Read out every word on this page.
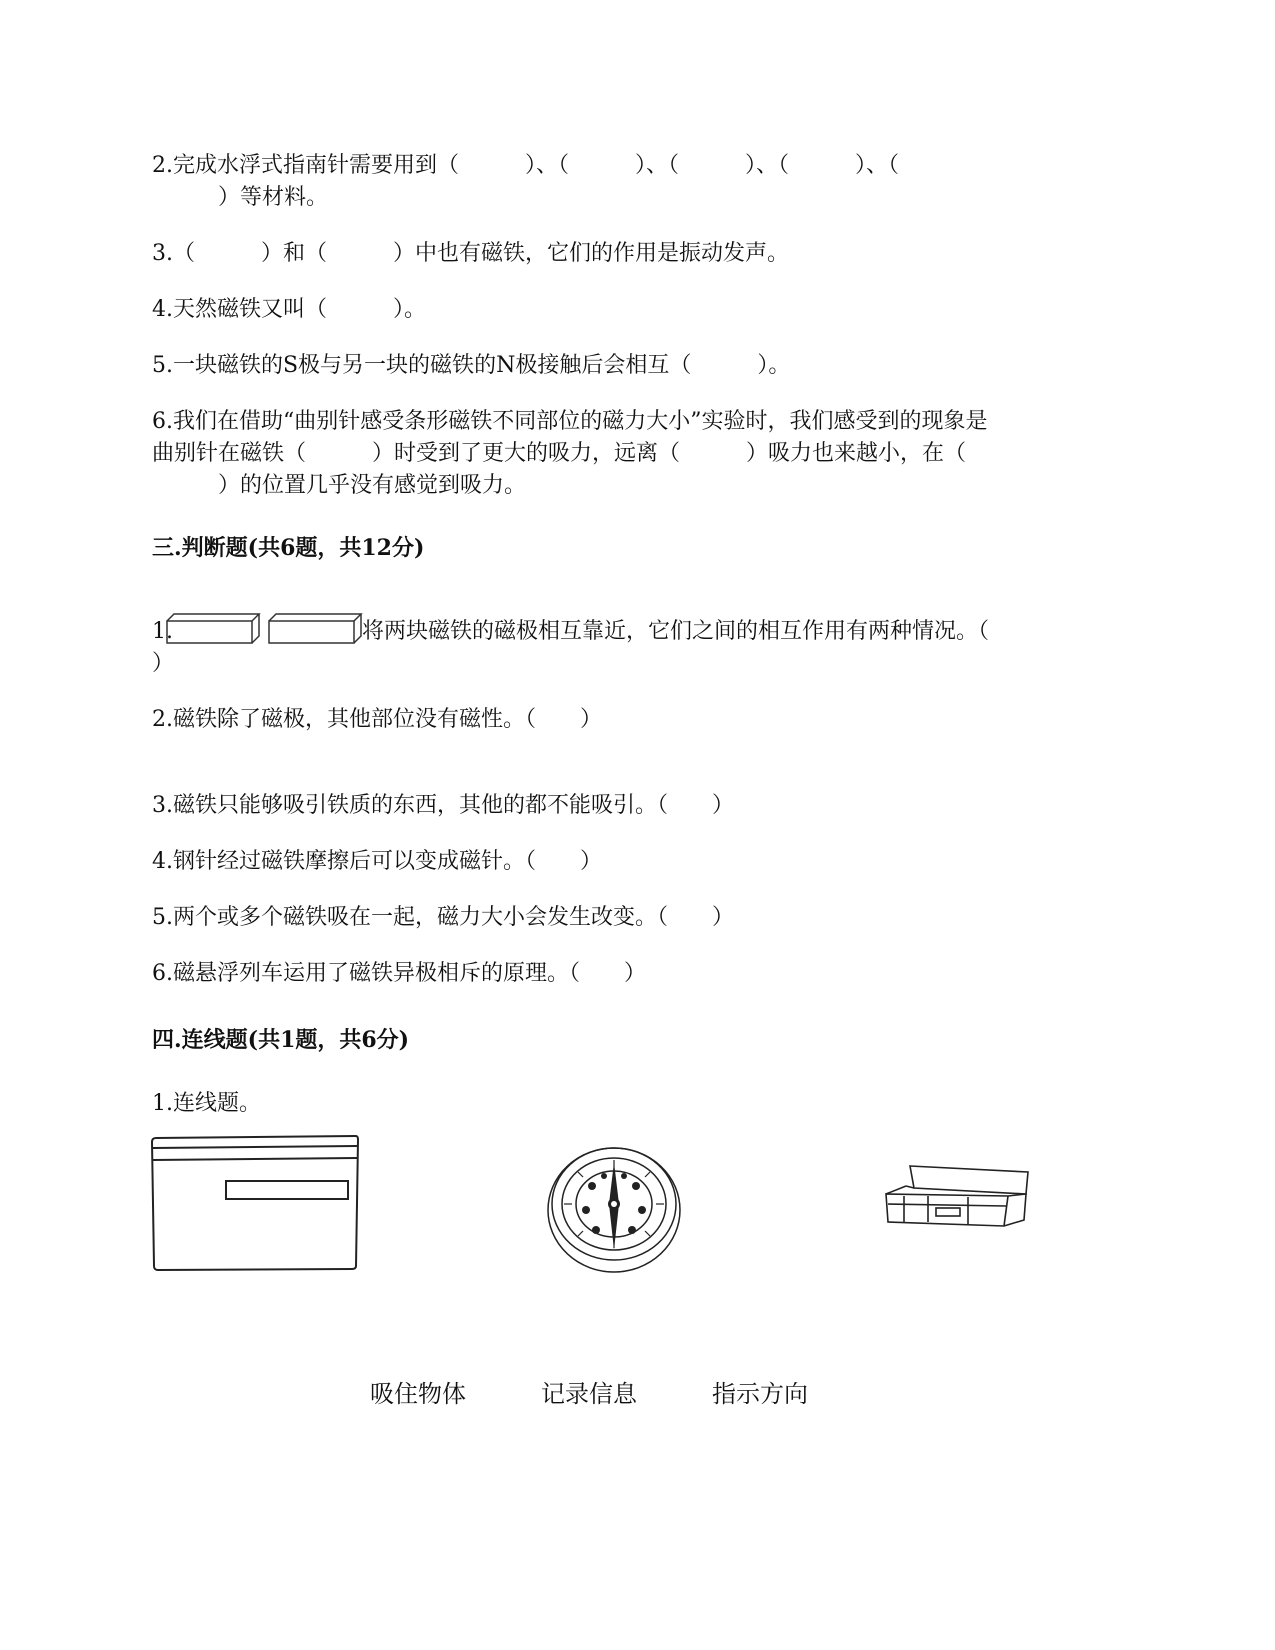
2.完成水浮式指南针需要用到（　　　）、（　　　）、（　　　）、（　　　）、（
　　　）等材料。
3.（　　　）和（　　　）中也有磁铁，它们的作用是振动发声。
4.天然磁铁又叫（　　　）。
5.一块磁铁的S极与另一块的磁铁的N极接触后会相互（　　　）。
6.我们在借助“曲别针感受条形磁铁不同部位的磁力大小”实验时，我们感受到的现象是
曲别针在磁铁（　　　）时受到了更大的吸力，远离（　　　）吸力也来越小，在（
　　　）的位置几乎没有感觉到吸力。
三.判断题(共6题，共12分)
1.	将两块磁铁的磁极相互靠近，它们之间的相互作用有两种情况。（
）
2.磁铁除了磁极，其他部位没有磁性。（　　）
3.磁铁只能够吸引铁质的东西，其他的都不能吸引。（　　）
4.钢针经过磁铁摩擦后可以变成磁针。（　　）
5.两个或多个磁铁吸在一起，磁力大小会发生改变。（　　）
6.磁悬浮列车运用了磁铁异极相斥的原理。（　　）
四.连线题(共1题，共6分)
1.连线题。
吸住物体	记录信息	指示方向
